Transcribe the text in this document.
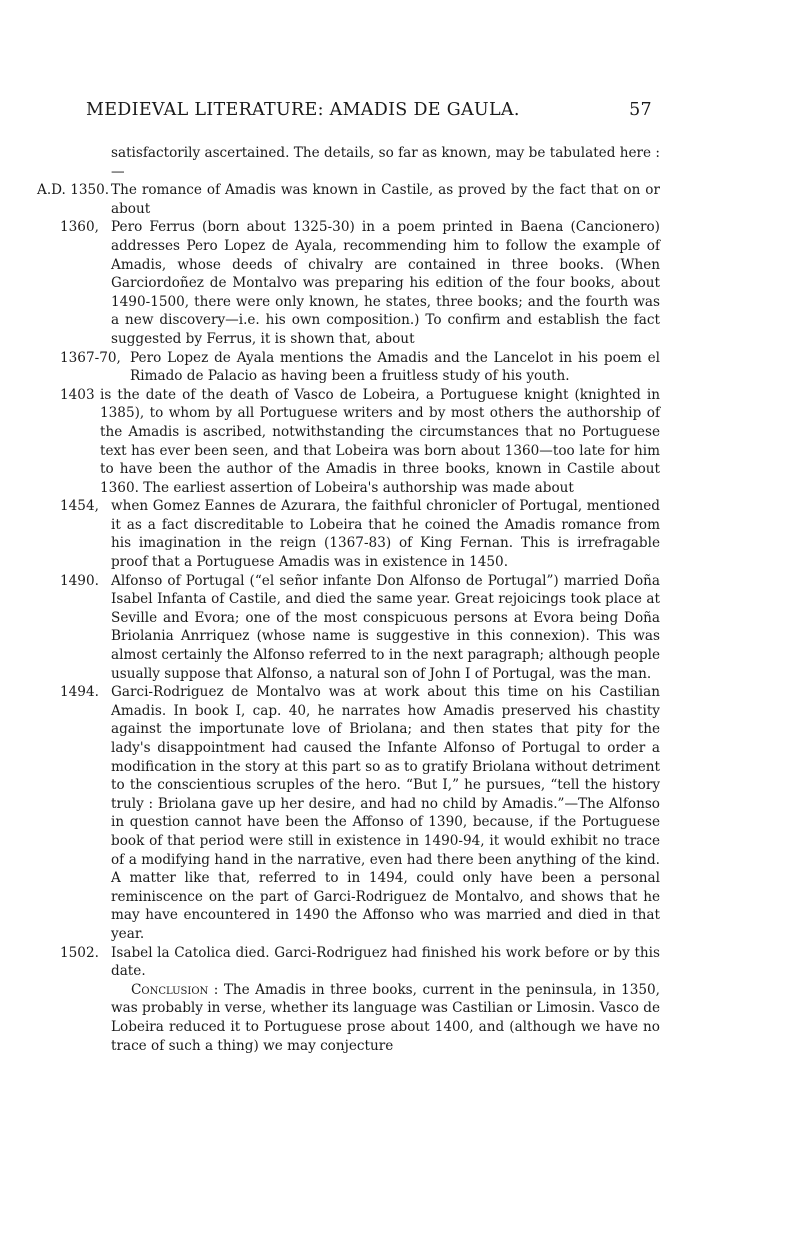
MEDIEVAL LITERATURE: AMADIS DE GAULA.	57

satisfactorily ascertained. The details, so far as known, may be tabulated here :—

A.D. 1350. The romance of Amadis was known in Castile, as proved by the fact that on or about
1360, Pero Ferrus (born about 1325-30) in a poem printed in Baena (Cancionero) addresses Pero Lopez de Ayala, recommending him to follow the example of Amadis, whose deeds of chivalry are contained in three books. (When Garciordoñez de Montalvo was preparing his edition of the four books, about 1490-1500, there were only known, he states, three books; and the fourth was a new discovery—i.e. his own composition.) To confirm and establish the fact suggested by Ferrus, it is shown that, about
1367-70, Pero Lopez de Ayala mentions the Amadis and the Lancelot in his poem el Rimado de Palacio as having been a fruitless study of his youth.
1403 is the date of the death of Vasco de Lobeira, a Portuguese knight (knighted in 1385), to whom by all Portuguese writers and by most others the authorship of the Amadis is ascribed, notwithstanding the circumstances that no Portuguese text has ever been seen, and that Lobeira was born about 1360—too late for him to have been the author of the Amadis in three books, known in Castile about 1360. The earliest assertion of Lobeira's authorship was made about
1454, when Gomez Eannes de Azurara, the faithful chronicler of Portugal, mentioned it as a fact discreditable to Lobeira that he coined the Amadis romance from his imagination in the reign (1367-83) of King Fernan. This is irrefragable proof that a Portuguese Amadis was in existence in 1450.
1490. Alfonso of Portugal (“el señor infante Don Alfonso de Portugal”) married Doña Isabel Infanta of Castile, and died the same year. Great rejoicings took place at Seville and Evora; one of the most conspicuous persons at Evora being Doña Briolania Anrriquez (whose name is suggestive in this connexion). This was almost certainly the Alfonso referred to in the next paragraph; although people usually suppose that Alfonso, a natural son of John I of Portugal, was the man.
1494. Garci-Rodriguez de Montalvo was at work about this time on his Castilian Amadis. In book I, cap. 40, he narrates how Amadis preserved his chastity against the importunate love of Briolana; and then states that pity for the lady's disappointment had caused the Infante Alfonso of Portugal to order a modification in the story at this part so as to gratify Briolana without detriment to the conscientious scruples of the hero. “But I,” he pursues, “tell the history truly : Briolana gave up her desire, and had no child by Amadis.”—The Alfonso in question cannot have been the Affonso of 1390, because, if the Portuguese book of that period were still in existence in 1490-94, it would exhibit no trace of a modifying hand in the narrative, even had there been anything of the kind. A matter like that, referred to in 1494, could only have been a personal reminiscence on the part of Garci-Rodriguez de Montalvo, and shows that he may have encountered in 1490 the Affonso who was married and died in that year.
1502. Isabel la Catolica died. Garci-Rodriguez had finished his work before or by this date.

Conclusion : The Amadis in three books, current in the peninsula, in 1350, was probably in verse, whether its language was Castilian or Limosin. Vasco de Lobeira reduced it to Portuguese prose about 1400, and (although we have no trace of such a thing) we may conjecture
